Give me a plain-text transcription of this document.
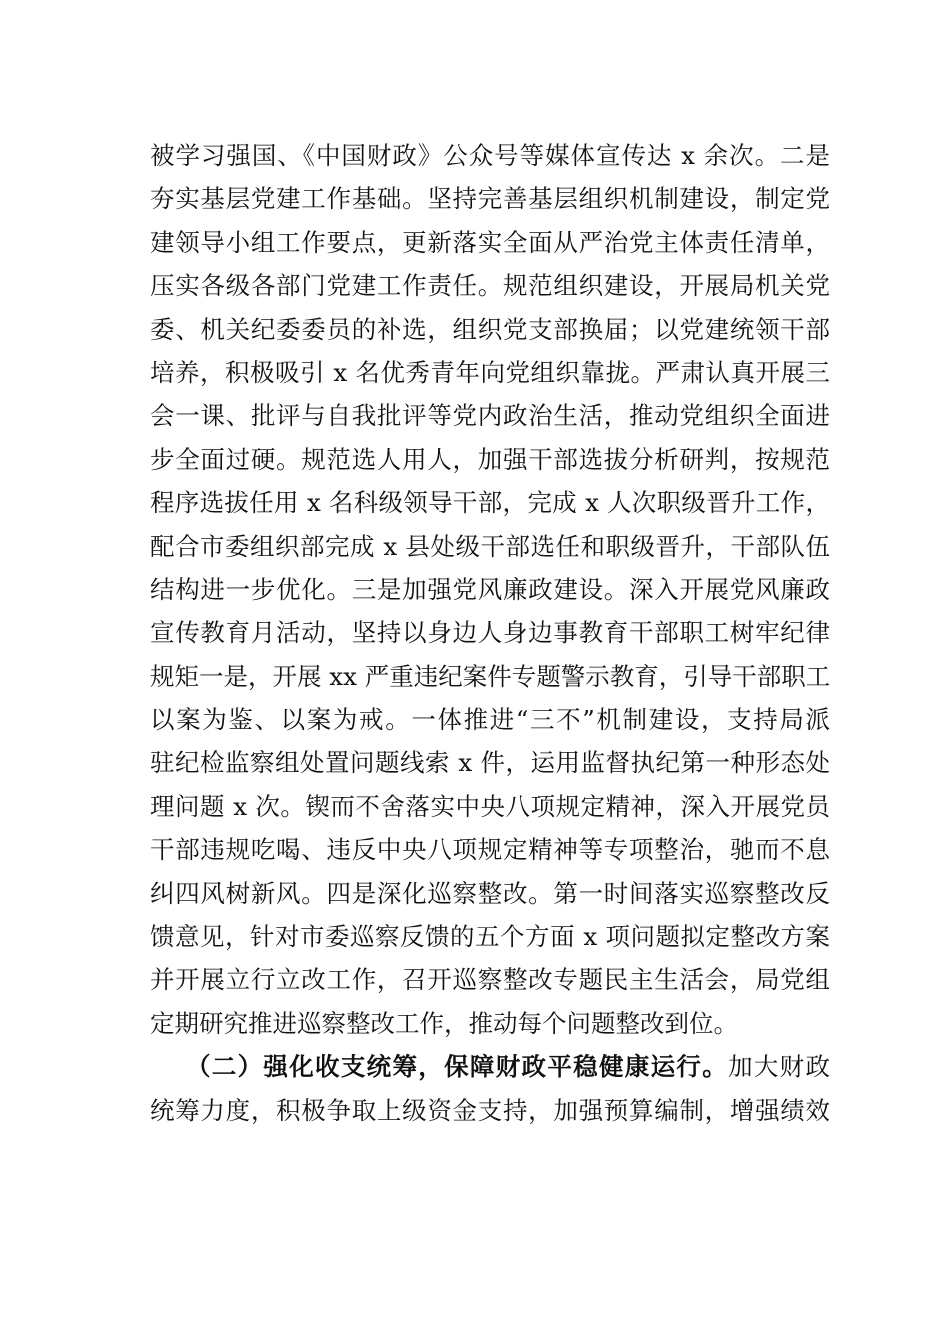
被学习强国、《中国财政》公众号等媒体宣传达 x 余次。二是
夯实基层党建工作基础。坚持完善基层组织机制建设，制定党
建领导小组工作要点，更新落实全面从严治党主体责任清单，
压实各级各部门党建工作责任。规范组织建设，开展局机关党
委、机关纪委委员的补选，组织党支部换届；以党建统领干部
培养，积极吸引 x 名优秀青年向党组织靠拢。严肃认真开展三
会一课、批评与自我批评等党内政治生活，推动党组织全面进
步全面过硬。规范选人用人，加强干部选拔分析研判，按规范
程序选拔任用 x 名科级领导干部，完成 x 人次职级晋升工作，
配合市委组织部完成 x 县处级干部选任和职级晋升，干部队伍
结构进一步优化。三是加强党风廉政建设。深入开展党风廉政
宣传教育月活动，坚持以身边人身边事教育干部职工树牢纪律
规矩一是，开展 xx 严重违纪案件专题警示教育，引导干部职工
以案为鉴、以案为戒。一体推进“三不”机制建设，支持局派
驻纪检监察组处置问题线索 x 件，运用监督执纪第一种形态处
理问题 x 次。锲而不舍落实中央八项规定精神，深入开展党员
干部违规吃喝、违反中央八项规定精神等专项整治，驰而不息
纠四风树新风。四是深化巡察整改。第一时间落实巡察整改反
馈意见，针对市委巡察反馈的五个方面 x 项问题拟定整改方案
并开展立行立改工作，召开巡察整改专题民主生活会，局党组
定期研究推进巡察整改工作，推动每个问题整改到位。
（二）强化收支统筹，保障财政平稳健康运行。加大财政
统筹力度，积极争取上级资金支持，加强预算编制，增强绩效
